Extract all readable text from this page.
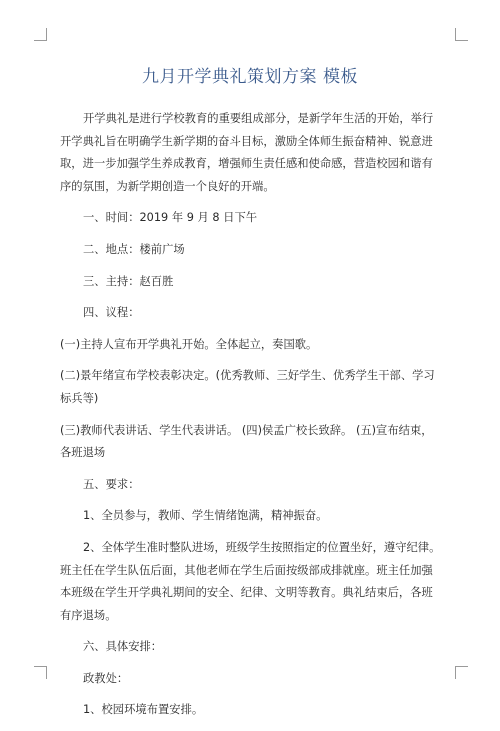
九月开学典礼策划方案 模板

开学典礼是进行学校教育的重要组成部分，是新学年生活的开始，举行开学典礼旨在明确学生新学期的奋斗目标，激励全体师生振奋精神、锐意进取，进一步加强学生养成教育，增强师生责任感和使命感，营造校园和谐有序的氛围，为新学期创造一个良好的开端。

一、时间：2019 年 9 月 8 日下午

二、地点：楼前广场

三、主持：赵百胜

四、议程：

(一)主持人宣布开学典礼开始。全体起立，奏国歌。

(二)景年绪宣布学校表彰决定。(优秀教师、三好学生、优秀学生干部、学习标兵等)

(三)教师代表讲话、学生代表讲话。 (四)侯孟广校长致辞。 (五)宣布结束，各班退场

五、要求：

1、全员参与，教师、学生情绪饱满，精神振奋。

2、全体学生准时整队进场，班级学生按照指定的位置坐好，遵守纪律。班主任在学生队伍后面，其他老师在学生后面按级部成排就座。班主任加强本班级在学生开学典礼期间的安全、纪律、文明等教育。典礼结束后，各班有序退场。

六、具体安排：

政教处：

1、校园环境布置安排。
